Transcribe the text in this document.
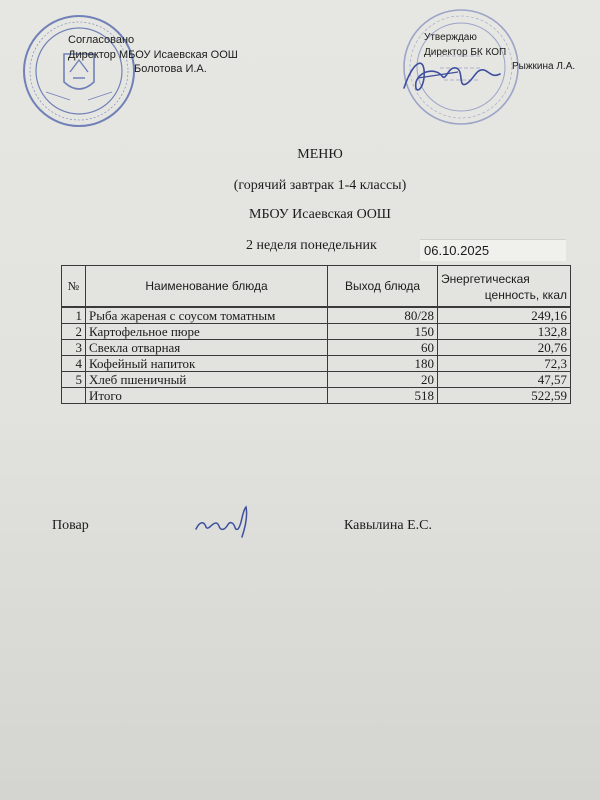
Согласовано
Директор МБОУ Исаевская ООШ
Болотова И.А.
Утверждаю
Директор БК КОП
Рыжкина Л.А.
МЕНЮ
(горячий завтрак 1-4 классы)
МБОУ Исаевская ООШ
2 неделя понедельник	06.10.2025
№	Наименование блюда	Выход блюда	Энергетическая
ценность, ккал

1	Рыба жареная с соусом томатным	80/28	249,16
2	Картофельное пюре	150	132,8
3	Свекла отварная	60	20,76
4	Кофейный напиток	180	72,3
5	Хлеб пшеничный	20	47,57
	Итого	518	522,59
Повар	Кавылина Е.С.
